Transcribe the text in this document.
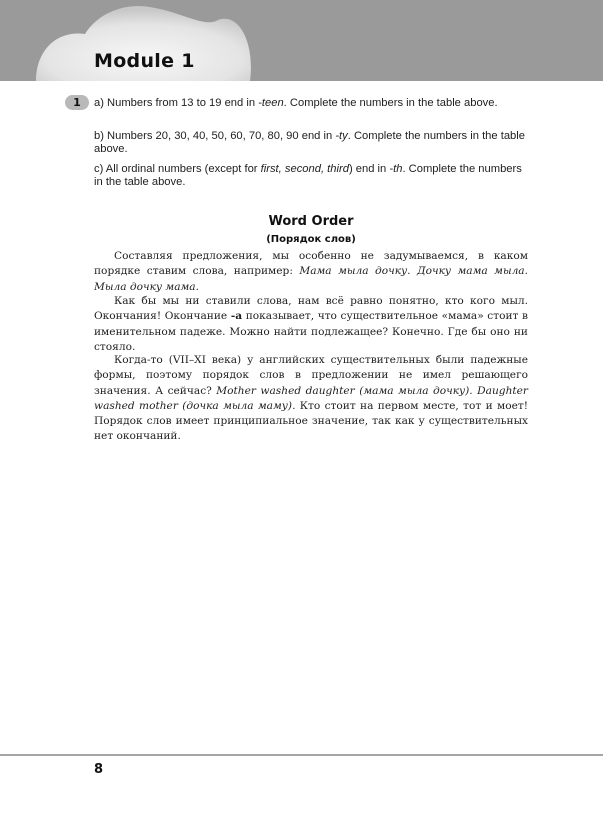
Module 1
1	a) Numbers from 13 to 19 end in -teen. Complete the numbers in the table above.

b) Numbers 20, 30, 40, 50, 60, 70, 80, 90 end in -ty. Complete the numbers in the table above.

c) All ordinal numbers (except for first, second, third) end in -th. Complete the numbers in the table above.

Word Order
(Порядок слов)

Составляя предложения, мы особенно не задумываемся, в каком порядке ставим слова, например: Мама мыла дочку. Дочку мама мыла. Мыла дочку мама.

Как бы мы ни ставили слова, нам всё равно понятно, кто кого мыл. Окончания! Окончание -а показывает, что существительное «мама» стоит в именительном падеже. Можно найти подлежащее? Конечно. Где бы оно ни стояло.

Когда-то (VII–XI века) у английских существительных были падежные формы, поэтому порядок слов в предложении не имел решающего значения. А сейчас? Mother washed daughter (мама мыла дочку). Daughter washed mother (дочка мыла маму). Кто стоит на первом месте, тот и моет! Порядок слов имеет принципиальное значение, так как у существительных нет окончаний.

8
